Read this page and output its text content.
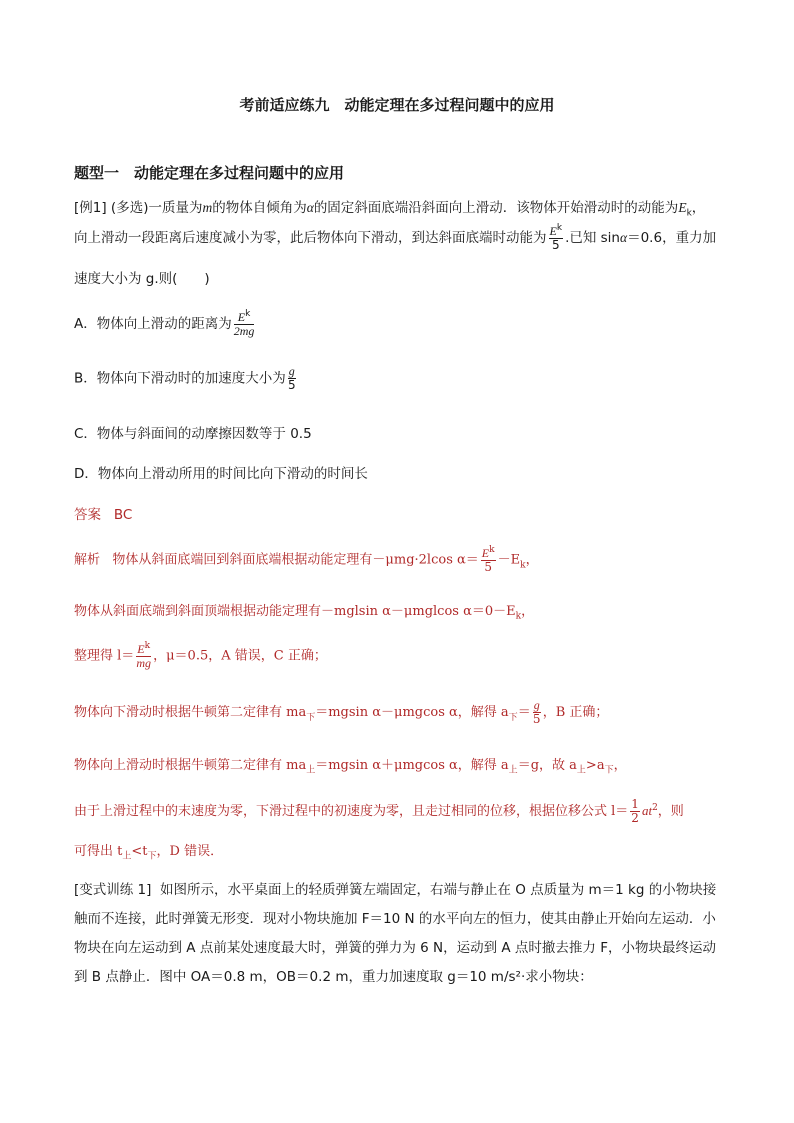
考前适应练九　动能定理在多过程问题中的应用
题型一　动能定理在多过程问题中的应用
[例1] (多选)一质量为m的物体自倾角为α的固定斜面底端沿斜面向上滑动．该物体开始滑动时的动能为$E_k$，
向上滑动一段距离后速度减小为零，此后物体向下滑动，到达斜面底端时动能为 $\frac{E^k}{5}$ .已知 sinα＝0.6，重力加
速度大小为 g.则(　　)
A．物体向上滑动的距离为 $\frac{E^k}{2mg}$
B．物体向下滑动时的加速度大小为 $\frac{g}{5}$
C．物体与斜面间的动摩擦因数等于 0.5
D．物体向上滑动所用的时间比向下滑动的时间长
答案 BC
解析 物体从斜面底端回到斜面底端根据动能定理有－μmg·2lcos $\alpha= \frac{E^k}{5} -E_k$，
物体从斜面底端到斜面顶端根据动能定理有－mglsin α－μmglcos $\alpha=0-E_k$，
整理得 $l= \frac{E^k}{mg}$ ，μ＝0.5，A 错误，C 正确；
物体向下滑动时根据牛顿第二定律有 $ma_下=mgsin$ α－μmgcos α，解得 $a_下= \frac{g}{5}$ ，B 正确；
物体向上滑动时根据牛顿第二定律有 $ma_上=mgsin$ α＋μmgcos α，解得 $a_上=g$，故 $a_上>a_下$，
由于上滑过程中的末速度为零，下滑过程中的初速度为零，且走过相同的位移，根据位移公式 $l= \frac{1}{2} at^2$，则
可得出 $t_上<t_下$，D 错误．
[变式训练 1] 如图所示，水平桌面上的轻质弹簧左端固定，右端与静止在 O 点质量为 m＝1 kg 的小物块接
触而不连接，此时弹簧无形变．现对小物块施加 F＝10 N 的水平向左的恒力，使其由静止开始向左运动．小
物块在向左运动到 A 点前某处速度最大时，弹簧的弹力为 6 N，运动到 A 点时撤去推力 F，小物块最终运动
到 B 点静止．图中 OA＝0.8 m，OB＝0.2 m，重力加速度取 g＝10 m/s²·求小物块：
